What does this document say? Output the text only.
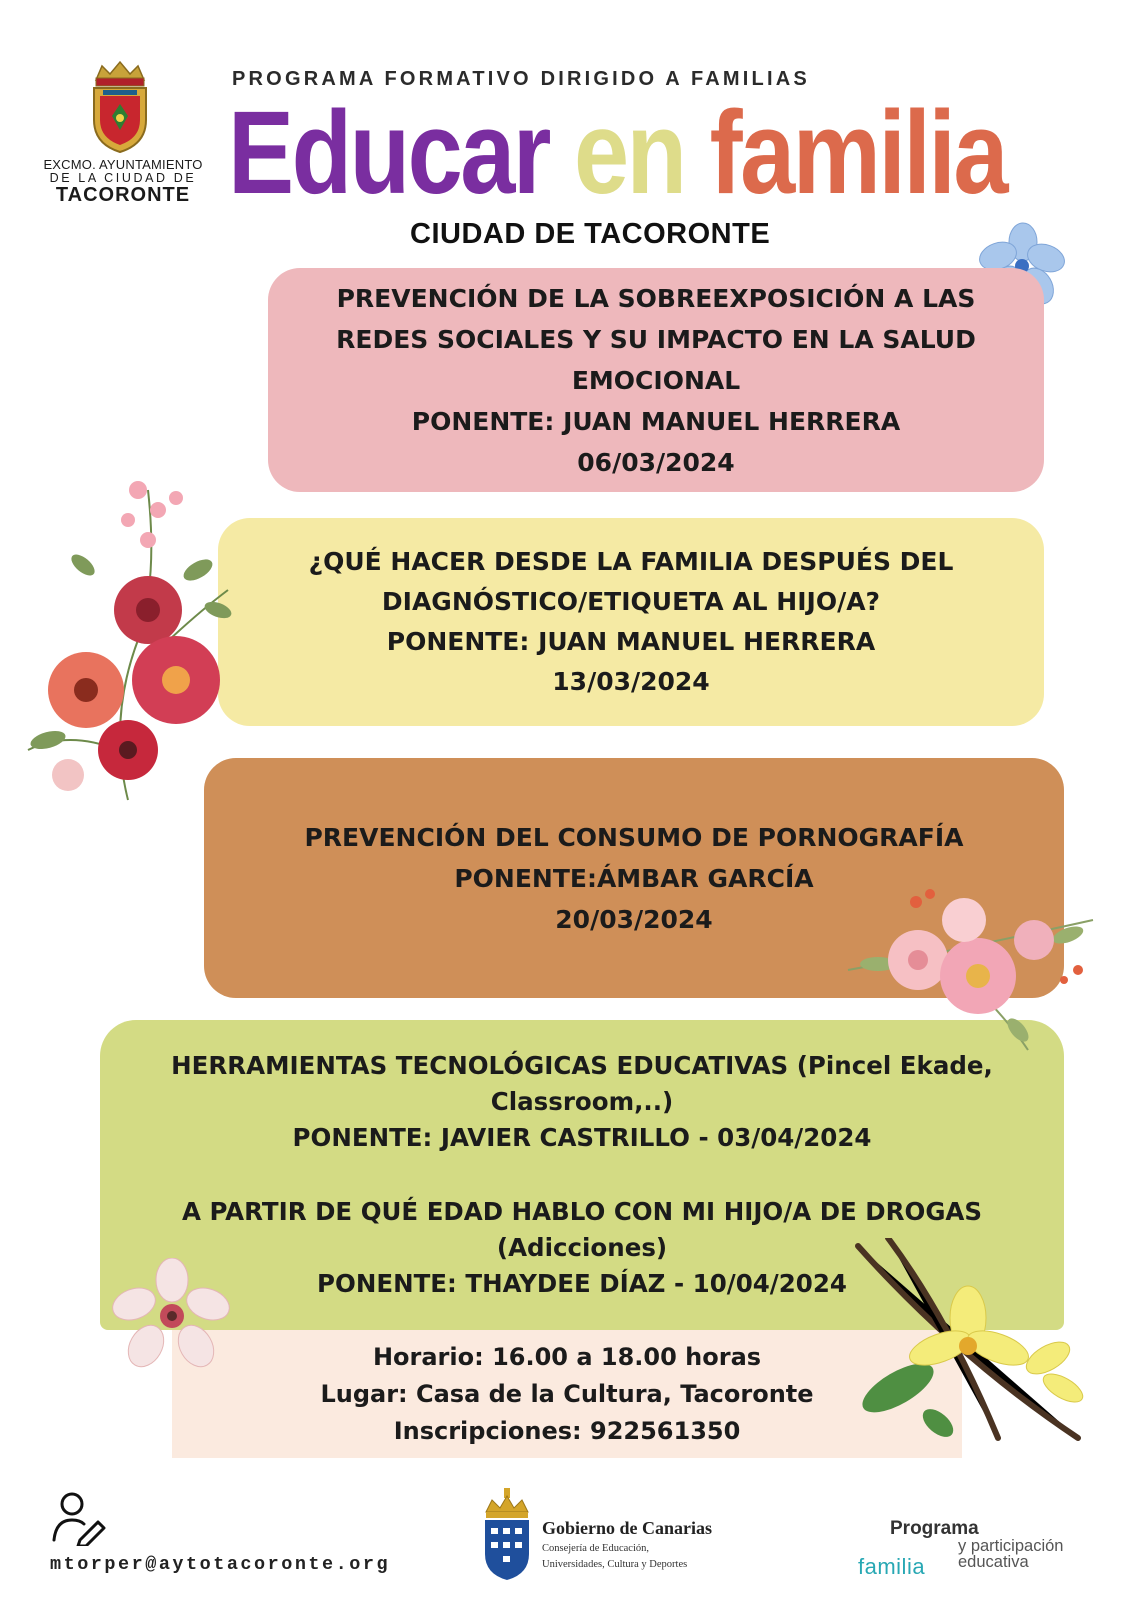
EXCMO. AYUNTAMIENTO
DE LA CIUDAD DE
TACORONTE
PROGRAMA FORMATIVO DIRIGIDO A FAMILIAS
Educar en familia
CIUDAD DE TACORONTE
PREVENCIÓN DE LA SOBREEXPOSICIÓN A LAS
REDES SOCIALES Y SU IMPACTO EN LA SALUD
EMOCIONAL
PONENTE: JUAN MANUEL HERRERA
06/03/2024
¿QUÉ HACER DESDE LA FAMILIA DESPUÉS DEL
DIAGNÓSTICO/ETIQUETA AL HIJO/A?
PONENTE: JUAN MANUEL HERRERA
13/03/2024
PREVENCIÓN DEL CONSUMO DE PORNOGRAFÍA
PONENTE:ÁMBAR GARCÍA
20/03/2024
HERRAMIENTAS TECNOLÓGICAS EDUCATIVAS (Pincel Ekade,
Classroom,..)
PONENTE: JAVIER CASTRILLO - 03/04/2024
A PARTIR DE QUÉ EDAD HABLO CON MI HIJO/A DE DROGAS
(Adicciones)
PONENTE: THAYDEE DÍAZ - 10/04/2024
Horario: 16.00 a 18.00 horas
Lugar: Casa de la Cultura, Tacoronte
Inscripciones: 922561350
mtorper@aytotacoronte.org
Gobierno de Canarias
Consejería de Educación,
Universidades, Cultura y Deportes
Programa
y participación
educativa
familia
